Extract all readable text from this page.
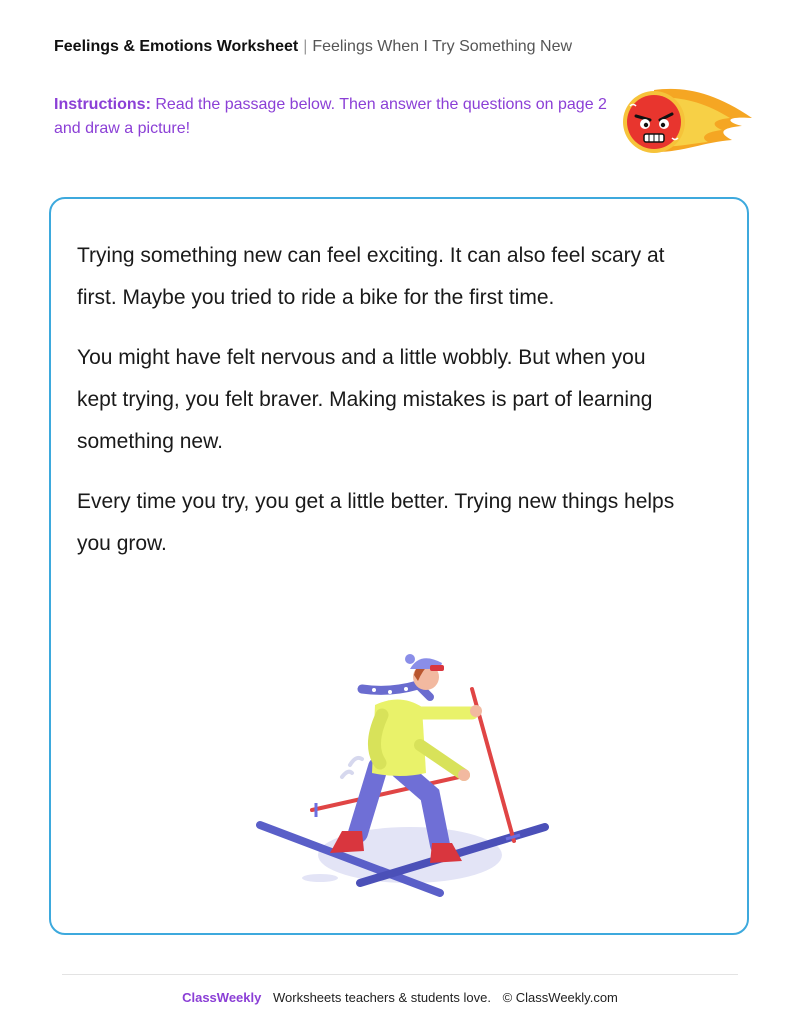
Feelings & Emotions Worksheet | Feelings When I Try Something New
Instructions: Read the passage below. Then answer the questions on page 2 and draw a picture!

Trying something new can feel exciting. It can also feel scary at first. Maybe you tried to ride a bike for the first time.

You might have felt nervous and a little wobbly. But when you kept trying, you felt braver. Making mistakes is part of learning something new.

Every time you try, you get a little better. Trying new things helps you grow.

ClassWeekly Worksheets teachers & students love. © ClassWeekly.com
